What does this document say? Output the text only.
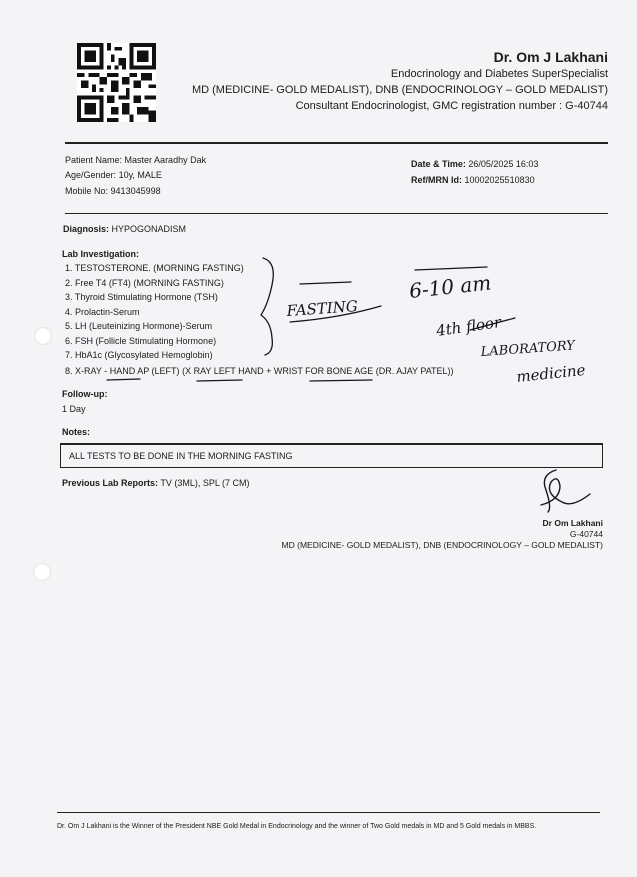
Dr. Om J Lakhani
Endocrinology and Diabetes SuperSpecialist
MD (MEDICINE- GOLD MEDALIST), DNB (ENDOCRINOLOGY – GOLD MEDALIST)
Consultant Endocrinologist, GMC registration number : G-40744
Patient Name: Master Aaradhy Dak
Age/Gender: 10y, MALE
Mobile No: 9413045998
Date & Time: 26/05/2025 16:03
Ref/MRN Id: 10002025510830
Diagnosis: HYPOGONADISM
Lab Investigation:
1. TESTOSTERONE. (MORNING FASTING)
2. Free T4 (FT4) (MORNING FASTING)
3. Thyroid Stimulating Hormone (TSH)
4. Prolactin-Serum
5. LH (Leuteinizing Hormone)-Serum
6. FSH (Follicle Stimulating Hormone)
7. HbA1c (Glycosylated Hemoglobin)
8. X-RAY - HAND AP (LEFT) (X RAY LEFT HAND + WRIST FOR BONE AGE (DR. AJAY PATEL))
Follow-up:
1 Day
Notes:
ALL TESTS TO BE DONE IN THE MORNING FASTING
Previous Lab Reports: TV (3ML), SPL (7 CM)
Dr Om Lakhani
G-40744
MD (MEDICINE- GOLD MEDALIST), DNB (ENDOCRINOLOGY – GOLD MEDALIST)
FASTING
6-10 am
4th floor
LABORATORY
medicine
Dr. Om J Lakhani is the Winner of the President NBE Gold Medal in Endocrinology and the winner of Two Gold medals in MD and 5 Gold medals in MBBS.
